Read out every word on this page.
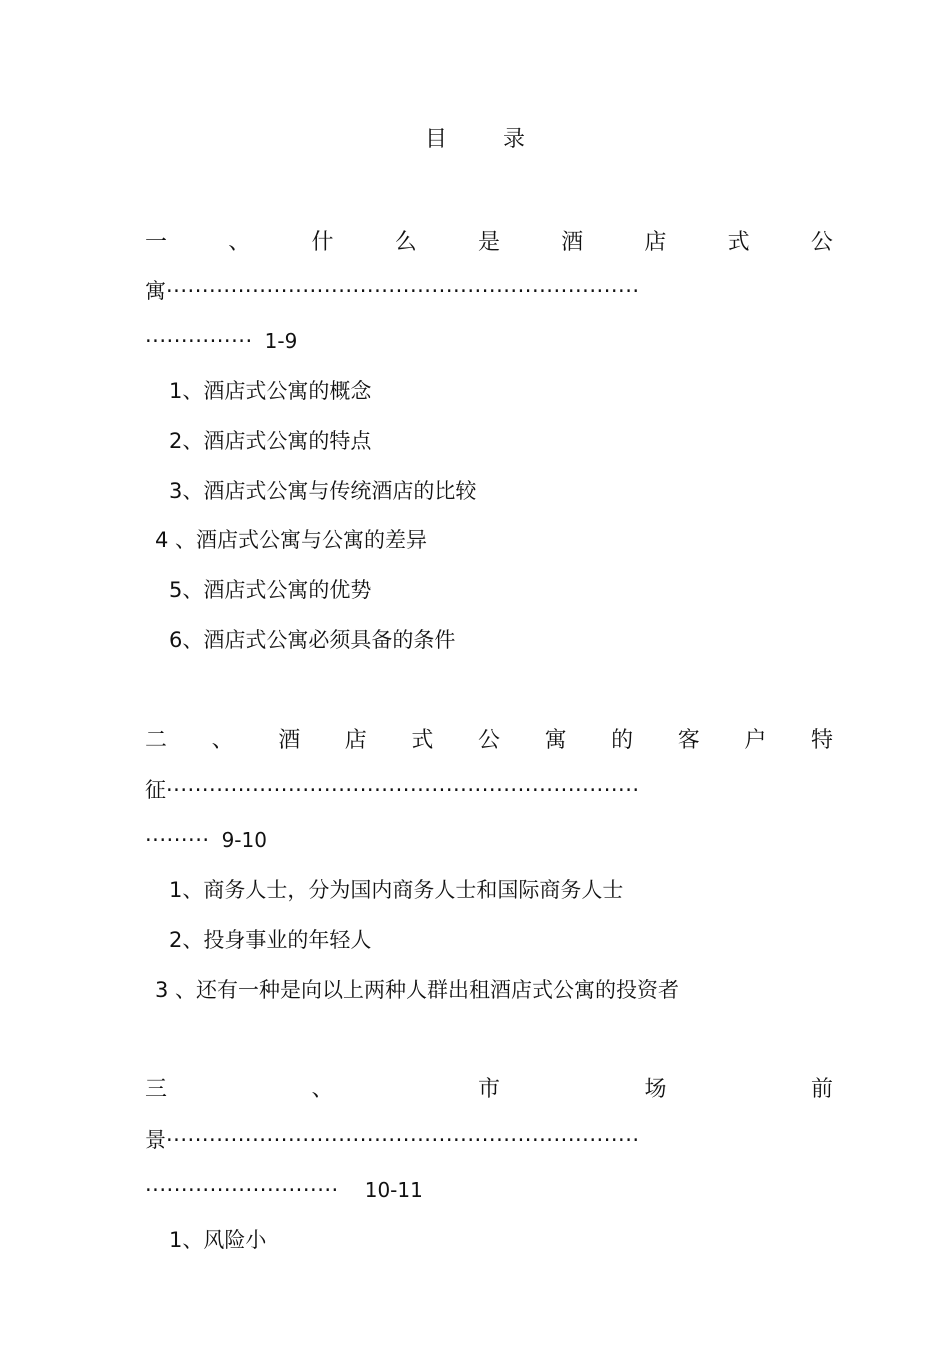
目	录
一	、	什	么	是	酒	店	式	公
寓··································································
··············· 1-9
1、酒店式公寓的概念
2、酒店式公寓的特点
3、酒店式公寓与传统酒店的比较
4 、酒店式公寓与公寓的差异
5、酒店式公寓的优势
6、酒店式公寓必须具备的条件
二 、 酒 店 式 公 寓 的 客 户 特
征··································································
········· 9-10
1、商务人士，分为国内商务人士和国际商务人士
2、投身事业的年轻人
3 、还有一种是向以上两种人群出租酒店式公寓的投资者
三	、	市	场	前
景··································································
··························· 10-11
1、风险小
